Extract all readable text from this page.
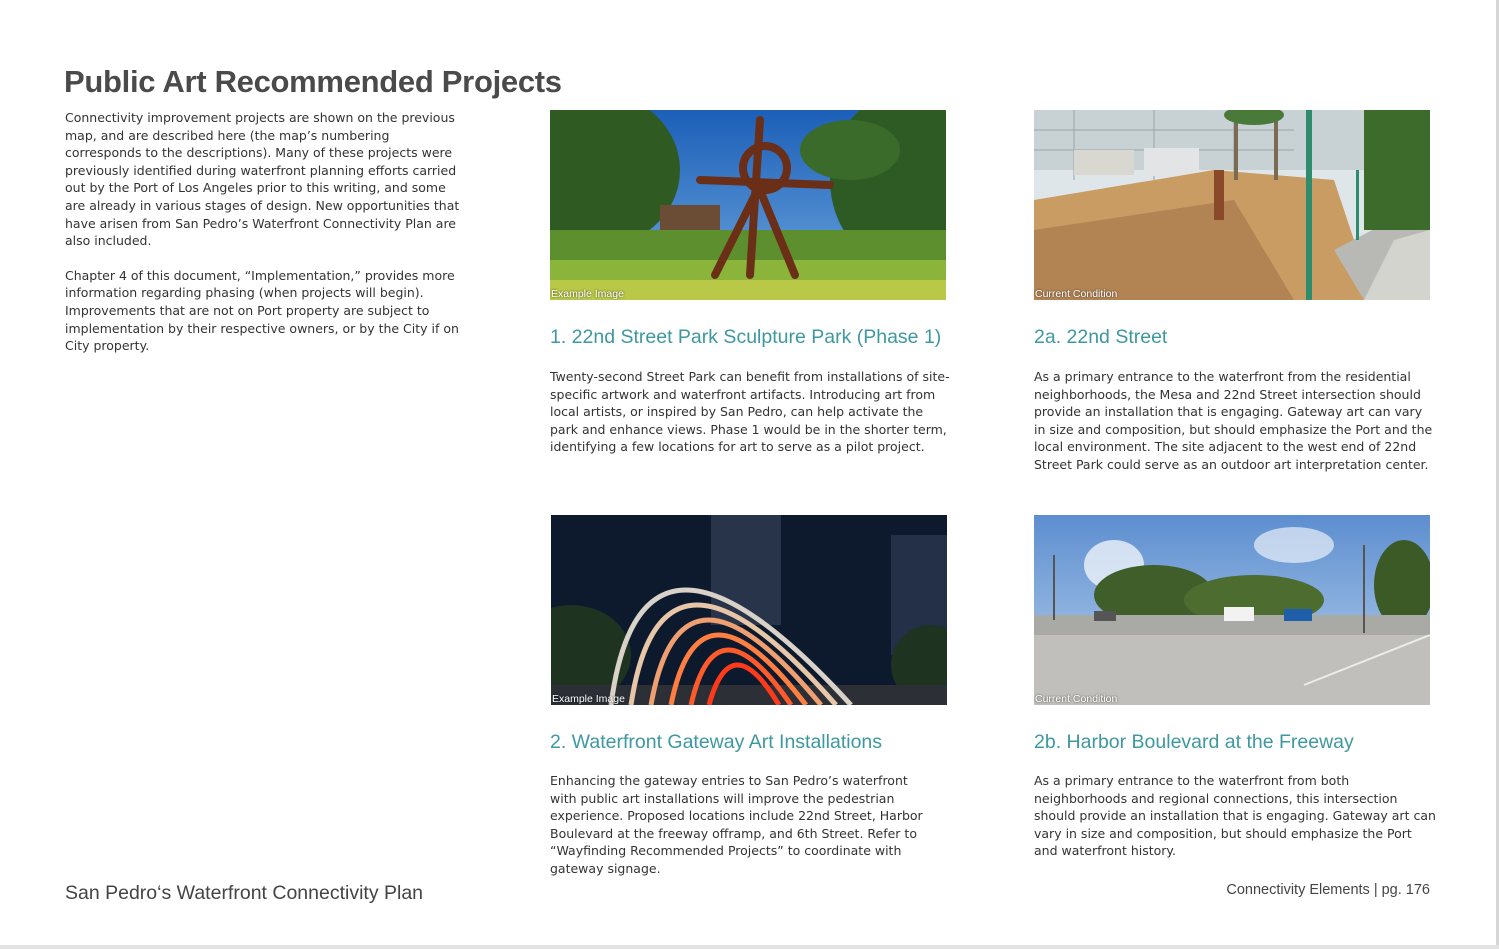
Public Art Recommended Projects

Connectivity improvement projects are shown on the previous map, and are described here (the map’s numbering corresponds to the descriptions). Many of these projects were previously identified during waterfront planning efforts carried out by the Port of Los Angeles prior to this writing, and some are already in various stages of design. New opportunities that have arisen from San Pedro’s Waterfront Connectivity Plan are also included.

Chapter 4 of this document, “Implementation,” provides more information regarding phasing (when projects will begin). Improvements that are not on Port property are subject to implementation by their respective owners, or by the City if on City property.

Example Image
1. 22nd Street Park Sculpture Park (Phase 1)

Twenty-second Street Park can benefit from installations of site-specific artwork and waterfront artifacts. Introducing art from local artists, or inspired by San Pedro, can help activate the park and enhance views. Phase 1 would be in the shorter term, identifying a few locations for art to serve as a pilot project.

Current Condition
2a. 22nd Street

As a primary entrance to the waterfront from the residential neighborhoods, the Mesa and 22nd Street intersection should provide an installation that is engaging. Gateway art can vary in size and composition, but should emphasize the Port and the local environment. The site adjacent to the west end of 22nd Street Park could serve as an outdoor art interpretation center.

Example Image
2. Waterfront Gateway Art Installations

Enhancing the gateway entries to San Pedro’s waterfront with public art installations will improve the pedestrian experience. Proposed locations include 22nd Street, Harbor Boulevard at the freeway offramp, and 6th Street. Refer to “Wayfinding Recommended Projects” to coordinate with gateway signage.

Current Condition
2b. Harbor Boulevard at the Freeway

As a primary entrance to the waterfront from both neighborhoods and regional connections, this intersection should provide an installation that is engaging. Gateway art can vary in size and composition, but should emphasize the Port and waterfront history.

San Pedro‘s Waterfront Connectivity Plan	Connectivity Elements | pg. 176
